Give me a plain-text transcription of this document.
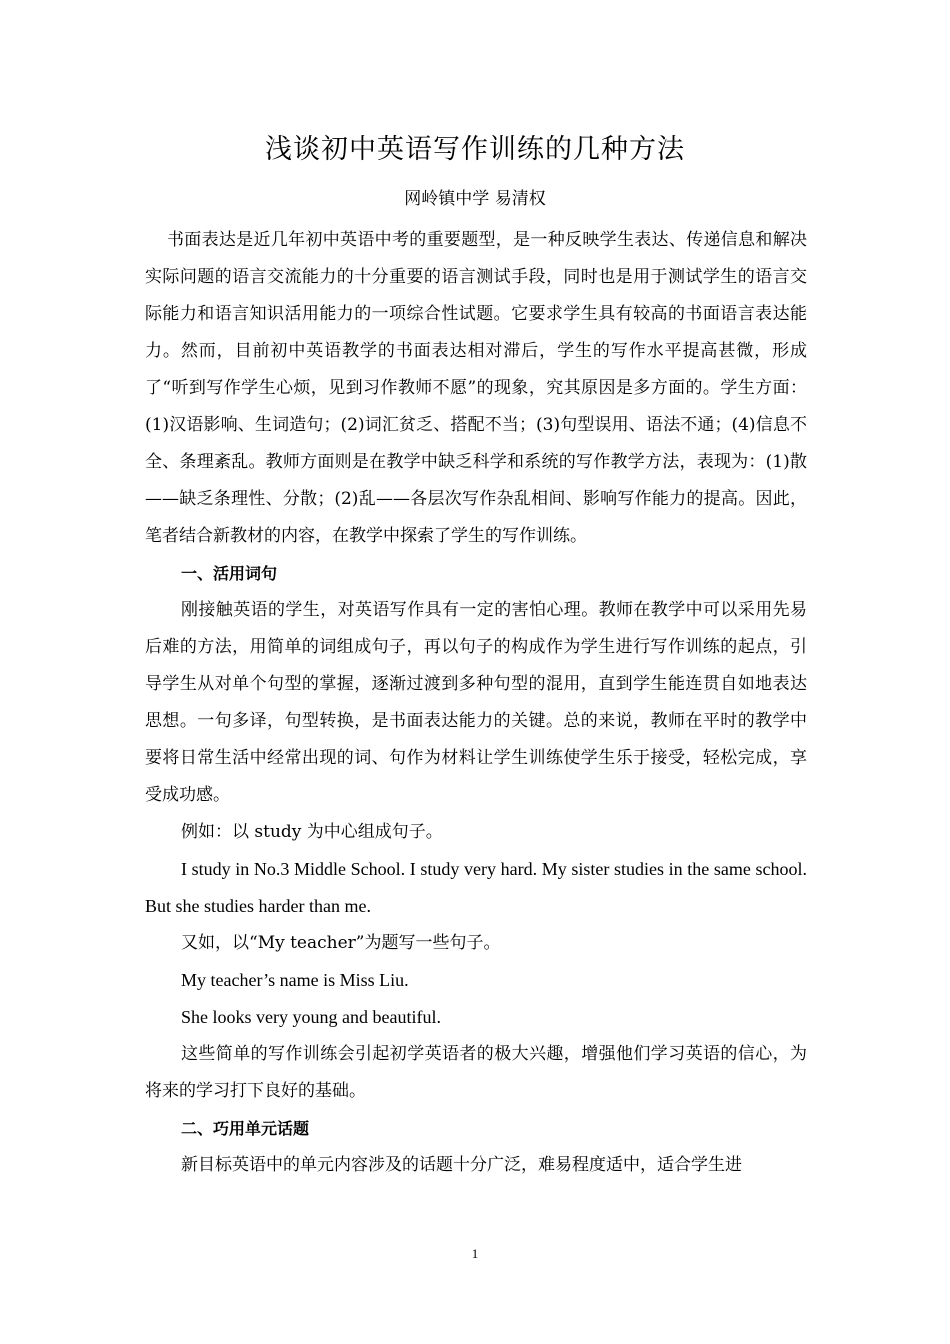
浅谈初中英语写作训练的几种方法
网岭镇中学 易清权

书面表达是近几年初中英语中考的重要题型，是一种反映学生表达、传递信息和解决实际问题的语言交流能力的十分重要的语言测试手段，同时也是用于测试学生的语言交际能力和语言知识活用能力的一项综合性试题。它要求学生具有较高的书面语言表达能力。然而，目前初中英语教学的书面表达相对滞后，学生的写作水平提高甚微，形成了“听到写作学生心烦，见到习作教师不愿”的现象，究其原因是多方面的。学生方面：(1)汉语影响、生词造句；(2)词汇贫乏、搭配不当；(3)句型误用、语法不通；(4)信息不全、条理紊乱。教师方面则是在教学中缺乏科学和系统的写作教学方法，表现为：(1)散——缺乏条理性、分散；(2)乱——各层次写作杂乱相间、影响写作能力的提高。因此，笔者结合新教材的内容，在教学中探索了学生的写作训练。

一、活用词句

刚接触英语的学生，对英语写作具有一定的害怕心理。教师在教学中可以采用先易后难的方法，用简单的词组成句子，再以句子的构成作为学生进行写作训练的起点，引导学生从对单个句型的掌握，逐渐过渡到多种句型的混用，直到学生能连贯自如地表达思想。一句多译，句型转换，是书面表达能力的关键。总的来说，教师在平时的教学中要将日常生活中经常出现的词、句作为材料让学生训练使学生乐于接受，轻松完成，享受成功感。

例如：以 study 为中心组成句子。

I study in No.3 Middle School. I study very hard. My sister studies in the same school. But she studies harder than me.

又如，以“My teacher”为题写一些句子。

My teacher’s name is Miss Liu.

She looks very young and beautiful.

这些简单的写作训练会引起初学英语者的极大兴趣，增强他们学习英语的信心，为将来的学习打下良好的基础。

二、巧用单元话题

新目标英语中的单元内容涉及的话题十分广泛，难易程度适中，适合学生进

1
